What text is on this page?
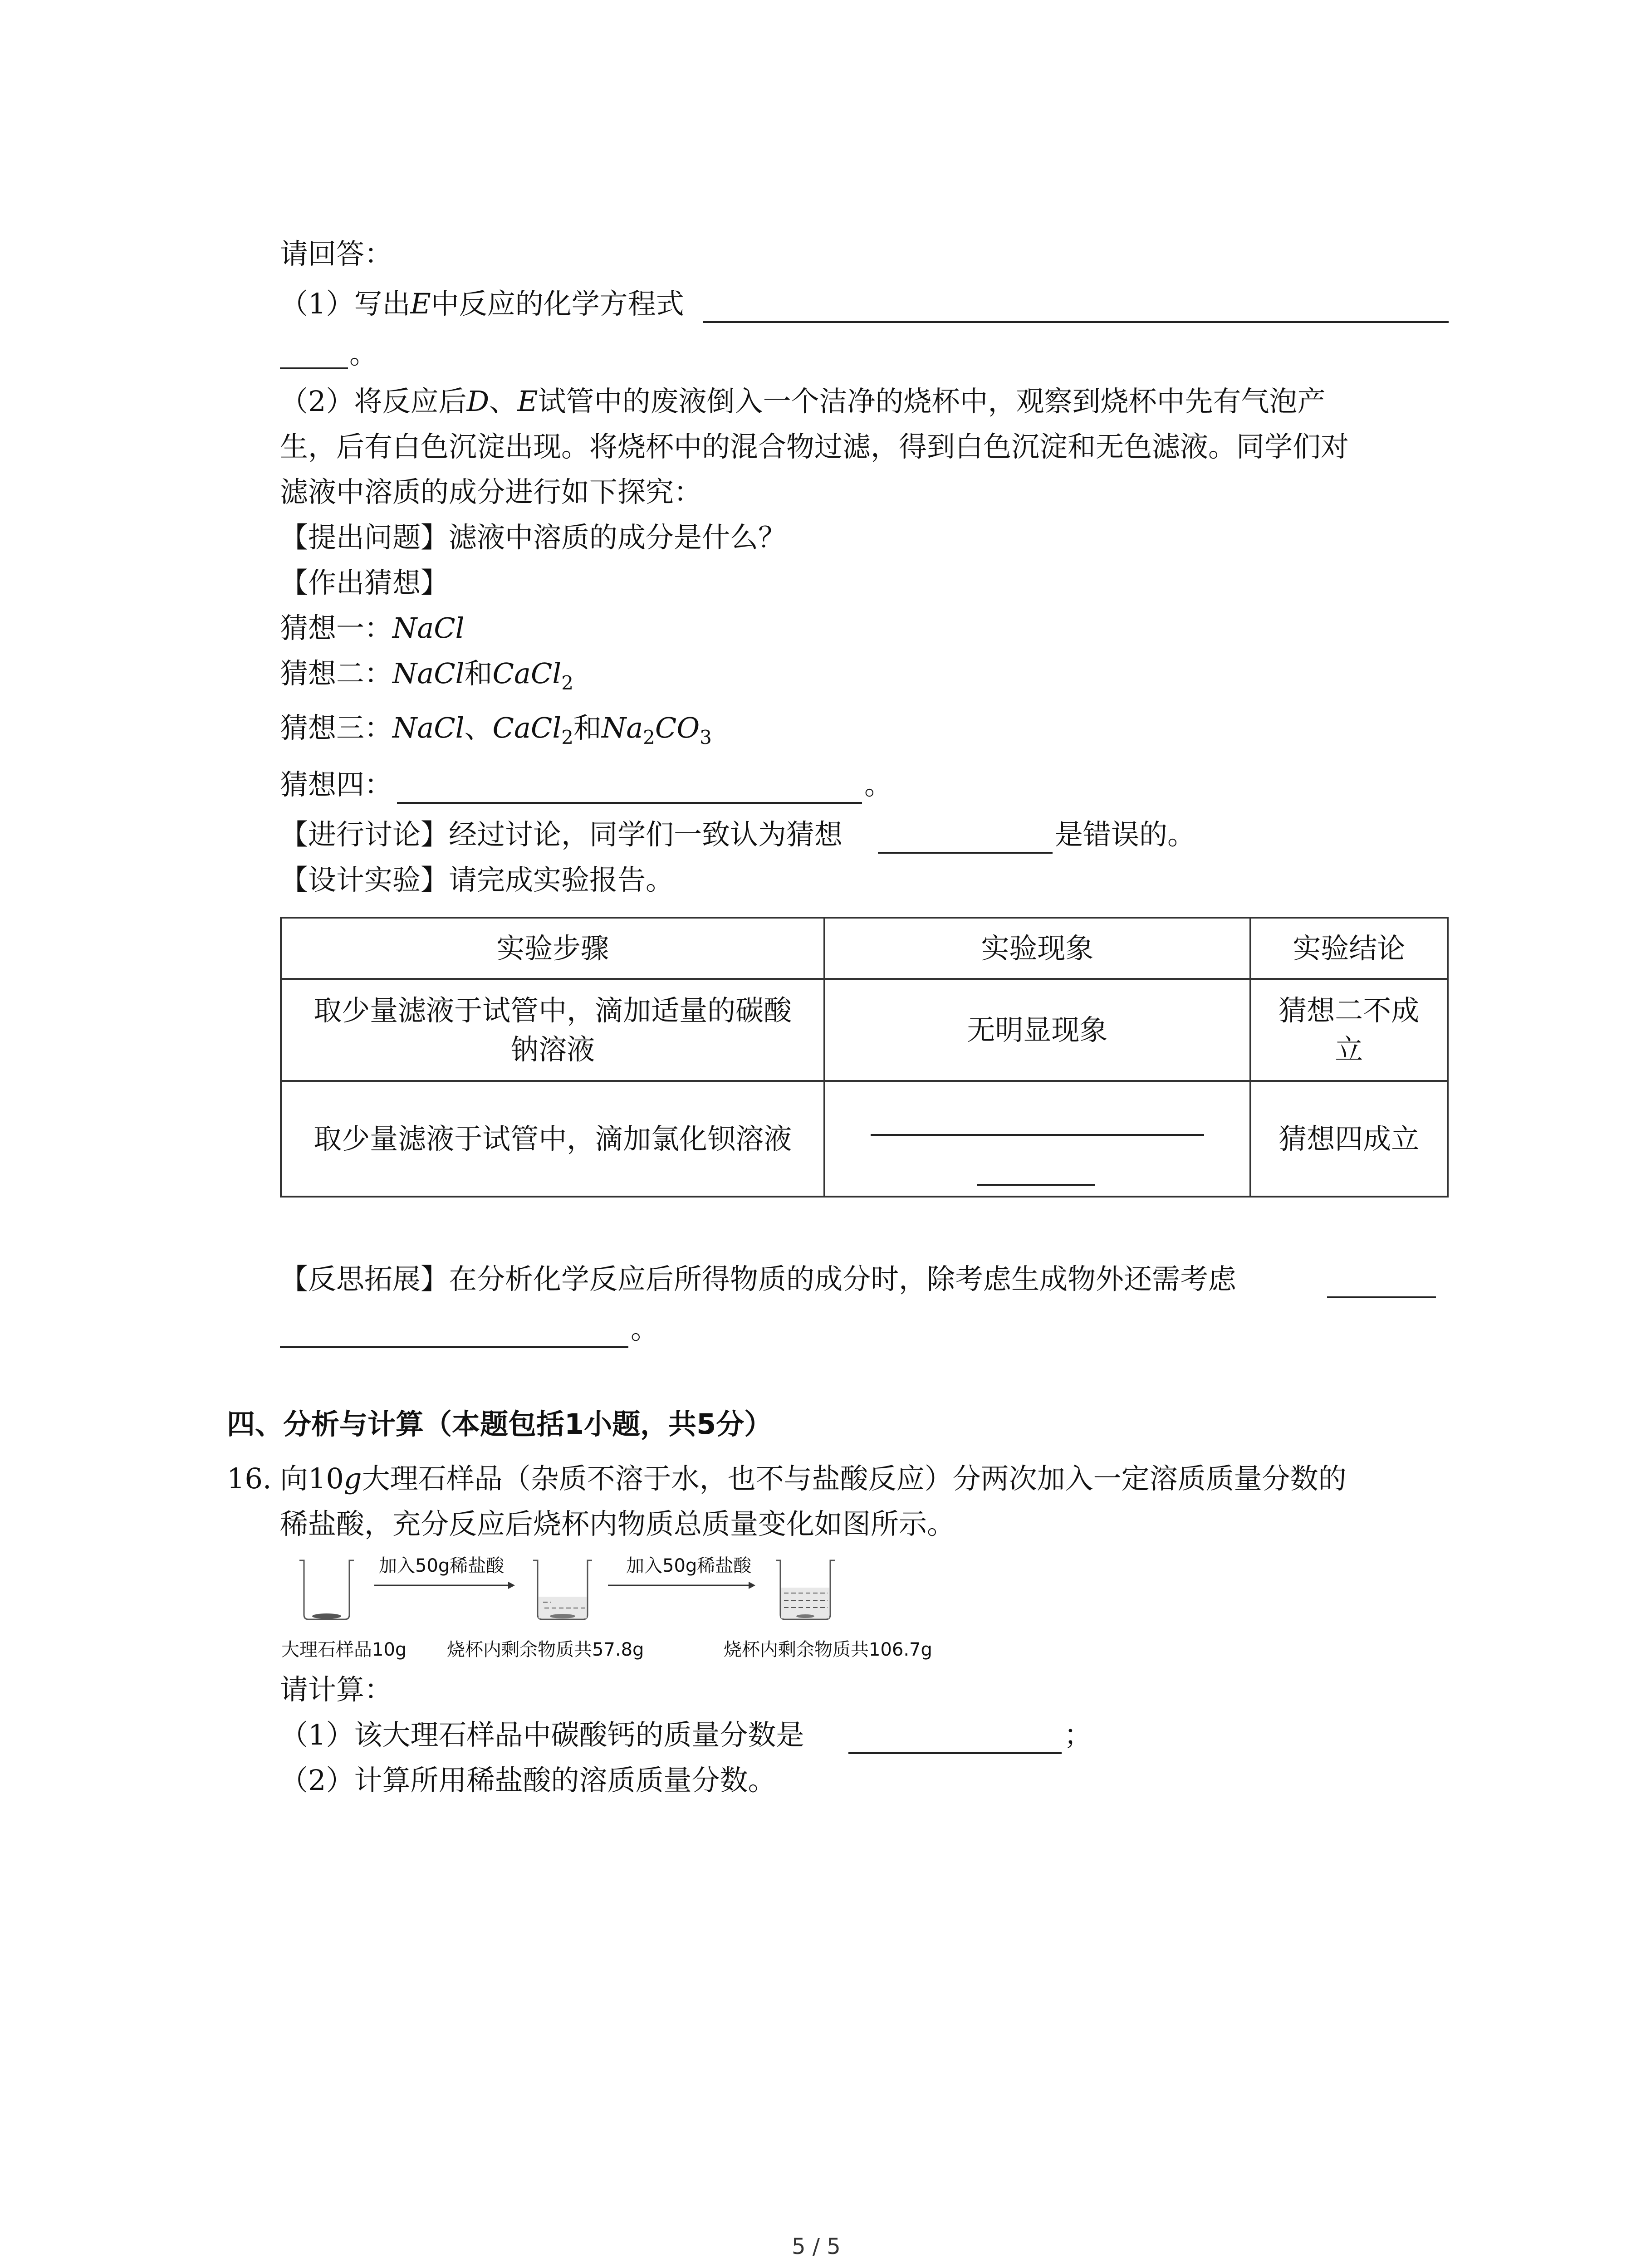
请回答：
（1）写出E中反应的化学方程式
。
（2）将反应后D、E试管中的废液倒入一个洁净的烧杯中，观察到烧杯中先有气泡产
生，后有白色沉淀出现。将烧杯中的混合物过滤，得到白色沉淀和无色滤液。同学们对
滤液中溶质的成分进行如下探究：
【提出问题】滤液中溶质的成分是什么？
【作出猜想】
猜想一：NaCl
猜想二：NaCl和CaCl$_2$
猜想三：NaCl、CaCl$_2$和$Na_2CO_3$
猜想四：	。
【进行讨论】经过讨论，同学们一致认为猜想	是错误的。
【设计实验】请完成实验报告。
实验步骤	实验现象	实验结论
取少量滤液于试管中，滴加适量的碳酸钠溶液	无明显现象	猜想二不成立
取少量滤液于试管中，滴加氯化钡溶液		猜想四成立
【反思拓展】在分析化学反应后所得物质的成分时，除考虑生成物外还需考虑
。
四、分析与计算（本题包括1小题，共5分）
16. 向10g大理石样品（杂质不溶于水，也不与盐酸反应）分两次加入一定溶质质量分数的
稀盐酸，充分反应后烧杯内物质总质量变化如图所示。
加入50g稀盐酸	加入50g稀盐酸
大理石样品10g 烧杯内剩余物质共57.8g	烧杯内剩余物质共106.7g
请计算：
（1）该大理石样品中碳酸钙的质量分数是	；
（2）计算所用稀盐酸的溶质质量分数。
5 / 5
